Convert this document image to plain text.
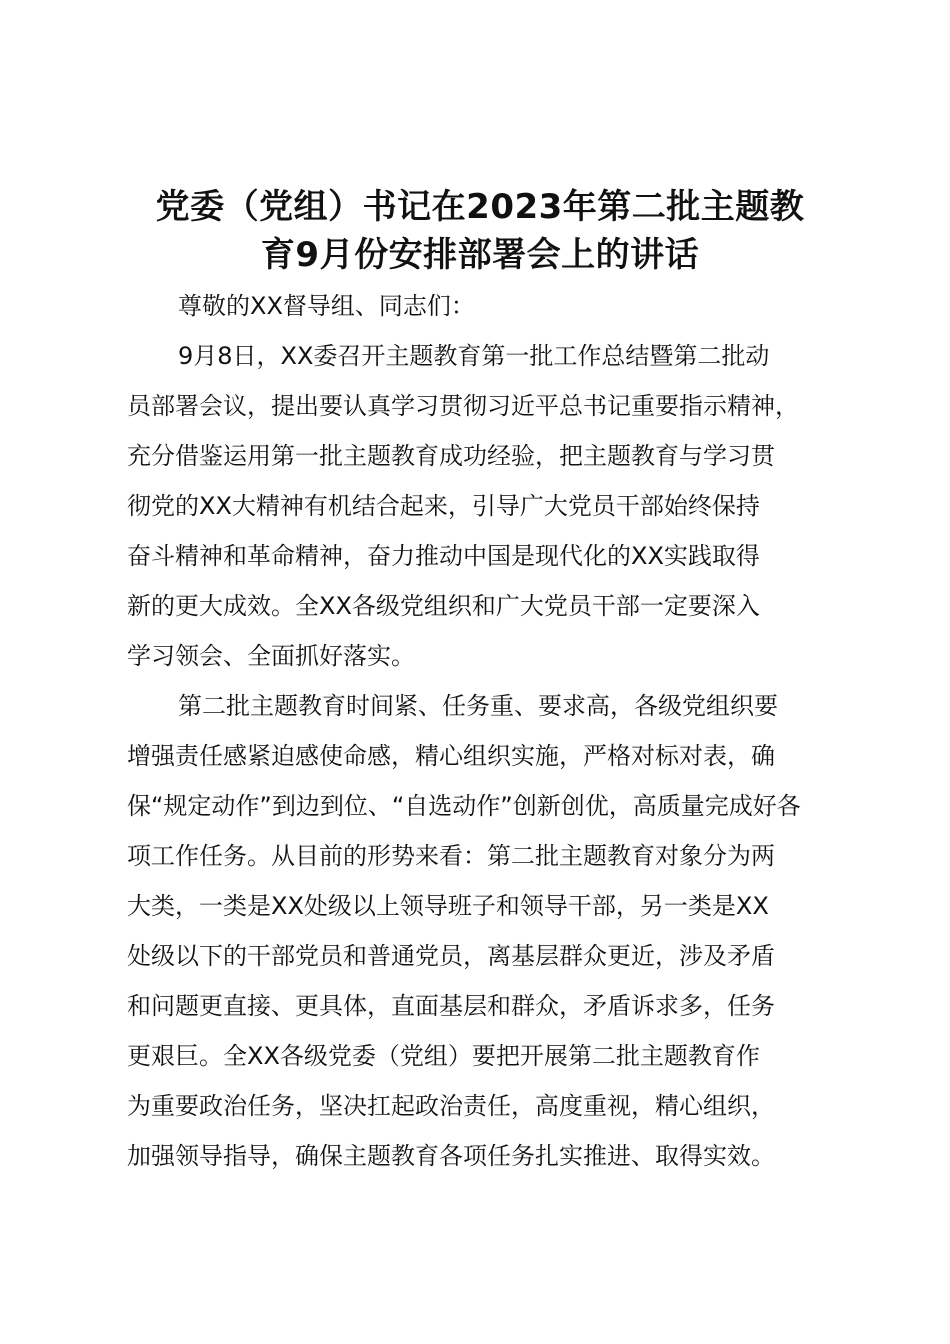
党委（党组）书记在2023年第二批主题教
育9月份安排部署会上的讲话
尊敬的XX督导组、同志们：
9月8日，XX委召开主题教育第一批工作总结暨第二批动
员部署会议，提出要认真学习贯彻习近平总书记重要指示精神，
充分借鉴运用第一批主题教育成功经验，把主题教育与学习贯
彻党的XX大精神有机结合起来，引导广大党员干部始终保持
奋斗精神和革命精神，奋力推动中国是现代化的XX实践取得
新的更大成效。全XX各级党组织和广大党员干部一定要深入
学习领会、全面抓好落实。
第二批主题教育时间紧、任务重、要求高，各级党组织要
增强责任感紧迫感使命感，精心组织实施，严格对标对表，确
保“规定动作”到边到位、“自选动作”创新创优，高质量完成好各
项工作任务。从目前的形势来看：第二批主题教育对象分为两
大类，一类是XX处级以上领导班子和领导干部，另一类是XX
处级以下的干部党员和普通党员，离基层群众更近，涉及矛盾
和问题更直接、更具体，直面基层和群众，矛盾诉求多，任务
更艰巨。全XX各级党委（党组）要把开展第二批主题教育作
为重要政治任务，坚决扛起政治责任，高度重视，精心组织，
加强领导指导，确保主题教育各项任务扎实推进、取得实效。
